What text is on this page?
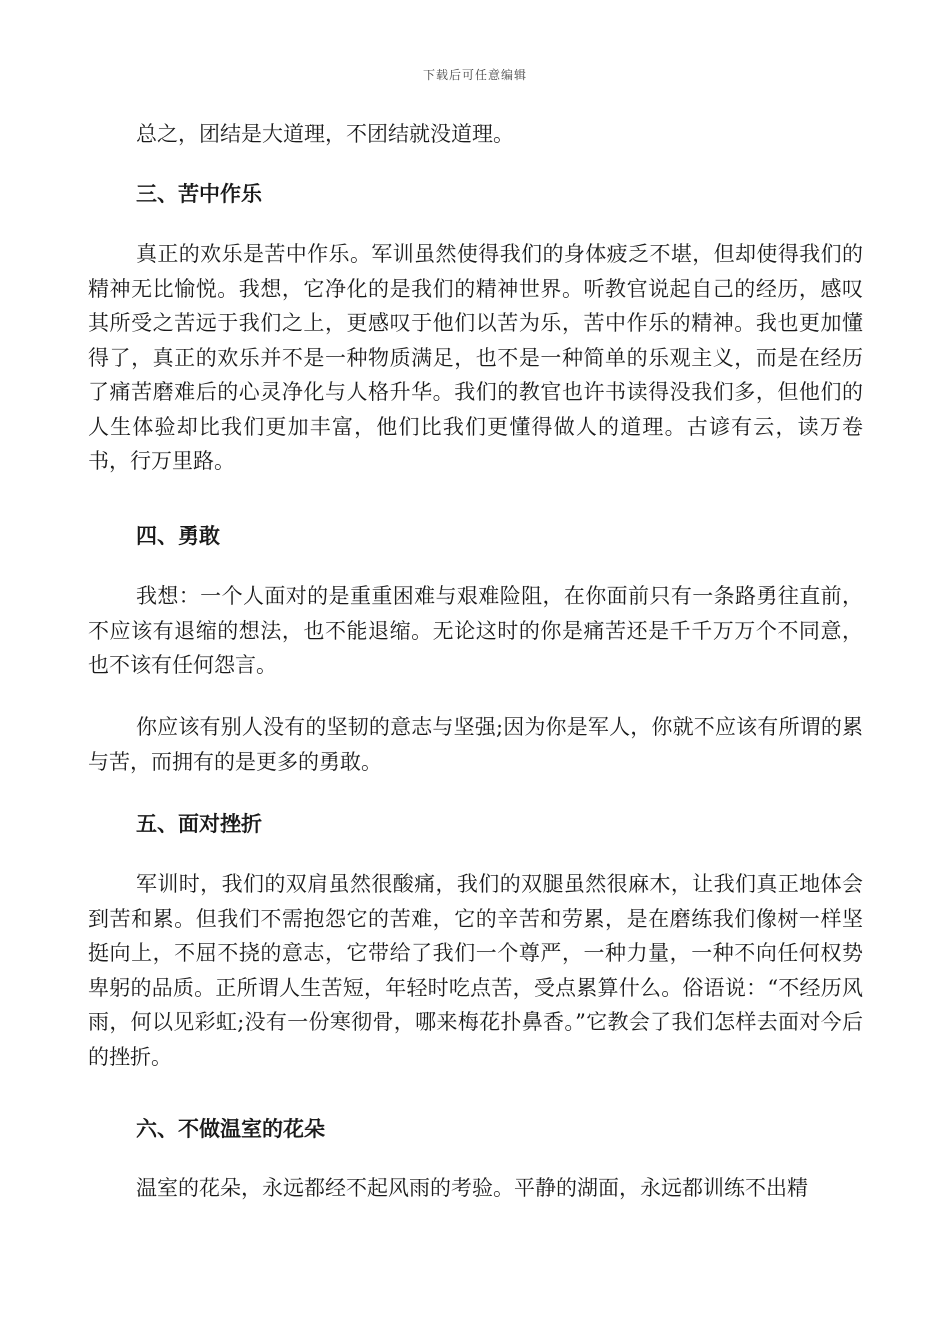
下载后可任意编辑

总之，团结是大道理，不团结就没道理。

三、苦中作乐

真正的欢乐是苦中作乐。军训虽然使得我们的身体疲乏不堪，但却使得我们的精神无比愉悦。我想，它净化的是我们的精神世界。听教官说起自己的经历，感叹其所受之苦远于我们之上，更感叹于他们以苦为乐，苦中作乐的精神。我也更加懂得了，真正的欢乐并不是一种物质满足，也不是一种简单的乐观主义，而是在经历了痛苦磨难后的心灵净化与人格升华。我们的教官也许书读得没我们多，但他们的人生体验却比我们更加丰富，他们比我们更懂得做人的道理。古谚有云，读万卷书，行万里路。

四、勇敢

我想：一个人面对的是重重困难与艰难险阻，在你面前只有一条路勇往直前，不应该有退缩的想法，也不能退缩。无论这时的你是痛苦还是千千万万个不同意，也不该有任何怨言。

你应该有别人没有的坚韧的意志与坚强;因为你是军人，你就不应该有所谓的累与苦，而拥有的是更多的勇敢。

五、面对挫折

军训时，我们的双肩虽然很酸痛，我们的双腿虽然很麻木，让我们真正地体会到苦和累。但我们不需抱怨它的苦难，它的辛苦和劳累，是在磨练我们像树一样坚挺向上，不屈不挠的意志，它带给了我们一个尊严，一种力量，一种不向任何权势卑躬的品质。正所谓人生苦短，年轻时吃点苦，受点累算什么。俗语说：“不经历风雨，何以见彩虹;没有一份寒彻骨，哪来梅花扑鼻香。”它教会了我们怎样去面对今后的挫折。

六、不做温室的花朵

温室的花朵，永远都经不起风雨的考验。平静的湖面，永远都训练不出精
